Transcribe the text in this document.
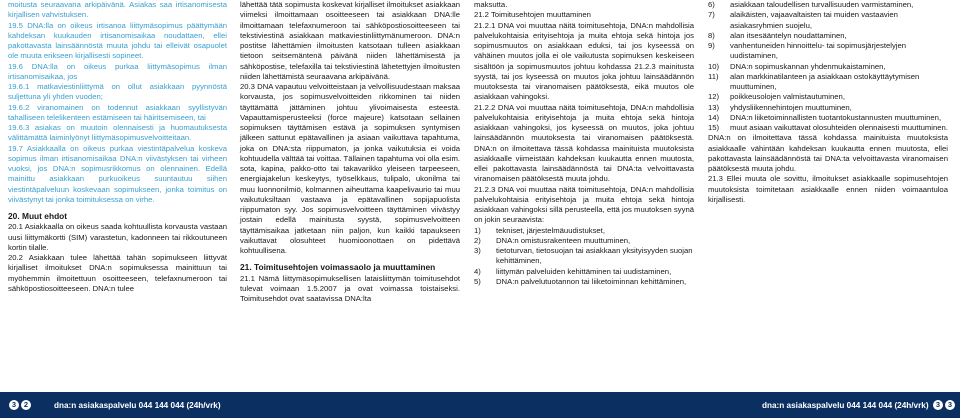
moitusta seuraavana arkipäivänä. Asiakas saa irtisanomisesta kirjallisen vahvistuksen.

19.5 DNA:lla on oikeus irtisanoa liittymäsopimus päättymään kahdeksan kuukauden irtisanomisaikaa noudattaen, ellei pakottavasta lainsäännöstä muuta johdu tai elleivät osapuolet ole muuta erikseen kirjallisesti sopineet.

19.6 DNA:lla on oikeus purkaa liittymäsopimus ilman irtisanomisaikaa, jos

19.6.1 matkaviestinliittymä on ollut asiakkaan pyynnöstä suljettuna yli yhden vuoden;

19.6.2 viranomainen on todennut asiakkaan syyllistyvän tahalliseen telelikenteen estämiseen tai häiritsemiseen, tai

19.6.3 asiakas on muutoin olennaisesti ja huomautuksesta välittämättä laiminlyönyt liittymäsopimusvelvoitteitaan.

19.7 Asiakkaalla on oikeus purkaa viestintäpalvelua koskeva sopimus ilman irtisanomisaikaa DNA:n viivästyksen tai virheen vuoksi, jos DNA:n sopimusrikkomus on olennainen. Edellä mainittu asiakkaan purkuoikeus suuntautuu siihen viestintäpalveluun koskevaan sopimukseen, jonka toimitus on viivästynyt tai jonka toimituksessa on virhe.

20. Muut ehdot

20.1 Asiakkaalla on oikeus saada kohtuullista korvausta vastaan uusi liittymäkortti (SIM) varastetun, kadonneen tai rikkoutuneen kortin tilalle.

20.2 Asiakkaan tulee lähettää tahän sopimukseen liittyvät kirjalliset ilmoitukset DNA:n sopimuksessa mainittuun tai myöhemmin ilmoitettuun osoitteeseen, telefaxnumeroon tai sähköpostiosoitteeseen. DNA:n tulee

lähettää tätä sopimusta koskevat kirjalliset ilmoitukset asiakkaan viimeksi ilmoittamaan osoitteeseen tai asiakkaan DNA:lle ilmoittamaan telefaxnumeroon tai sähköpostiosoitteeseen tai tekstiviestinä asiakkaan matkaviestinliittymänumeroon. DNA:n postitse lähettämien ilmoitusten katsotaan tulleen asiakkaan tietoon seitsemäntenä päivänä niiden lähettämisestä ja sähköpostise, telefaxilla tai tekstiviestinä lähetettyjen ilmoitusten niiden lähettämistä seuraavana arkipäivänä.

20.3 DNA vapautuu velvoitteistaan ja velvollisuudestaan maksaa korvausta, jos sopimusvelvoitteiden rikkominen tai niiden täyttämättä jättäminen johtuu ylivoimaisesta esteestä. Vapauttamisperusteeksi (force majeure) katsotaan sellainen sopimuksen täyttämisen estävä ja sopimuksen syntymisen jälkeen sattunut epätavallinen ja asiaan vaikuttava tapahtuma, joka on DNA:sta riippumaton, ja jonka vaikutuksia ei voida kohtuudella välttää tai voittaa. Tällainen tapahtuma voi olla esim. sota, kapina, pakko-otto tai takavarikko yleiseen tarpeeseen, energiajakelun keskeytys, työselkkaus, tulipalo, ukonilma tai muu luonnonilmiö, kolmannen aiheuttama kaapelivaurio tai muu vaikutuksiltaan vastaava ja epätavallinen sopijapuolista riippumaton syy. Jos sopimusvelvoitteen täyttäminen viivästyy jostain edellä mainitusta syystä, sopimusvelvoitteen täyttämisaikaa jatketaan niin paljon, kun kaikki tapaukseen vaikuttavat olosuhteet huomioonottaen on pidettävä kohtuullisena.

21. Toimitusehtojen voimassaolo ja muuttaminen

21.1 Nämä liittymäsopimuksellisen lataisliittymän toimitusehdot tulevat voimaan 1.5.2007 ja ovat voimassa toistaiseksi. Toimitusehdot ovat saatavissa DNA:lta

maksutta.

21.2 Toimitusehtojen muuttaminen

21.2.1 DNA voi muuttaa näitä toimitusehtoja, DNA:n mahdollisia palvelukohtaisia erityisehtoja ja muita ehtoja sekä hintoja jos sopimusmuutos on asiakkaan eduksi, tai jos kyseessä on vähäinen muutos jolla ei ole vaikutusta sopimuksen keskeiseen sisältöön ja sopimusmuutos johtuu kohdassa 21.2.3 mainitusta syystä, tai jos kyseessä on muutos joka johtuu lainsäädännön muutoksesta tai viranomaisen päätöksestä, eikä muutos ole asiakkaan vahingoksi.

21.2.2 DNA voi muuttaa näitä toimitusehtoja, DNA:n mahdollisia palvelukohtaisia erityisehtoja ja muita ehtoja sekä hintoja asiakkaan vahingoksi, jos kyseessä on muutos, joka johtuu lainsäädännön muutoksesta tai viranomaisen päätöksestä. DNA:n on ilmoitettava tässä kohdassa mainituista muutoksista asiakkaalle viimeistään kahdeksan kuukautta ennen muutosta, ellei pakottavasta lainsäädännöstä tai DNA:ta velvoittavasta viranomaisen päätöksestä muuta johdu.

21.2.3 DNA voi muuttaa näitä toimitusehtoja, DNA:n mahdollisia palvelukohtaisia erityisehtoja ja muita ehtoja sekä hintoja asiakkaan vahingoksi sillä perusteella, että jos muutoksen syynä on jokin seuraavista:

1)	tekniset, järjestelmäuudistukset,
2)	DNA:n omistusrakenteen muuttuminen,
3)	tietoturvan, tietosuojan tai asiakkaan yksityisyyden suojan kehittäminen,
4)	liittymän palveluiden kehittäminen tai uudistaminen,
5)	DNA:n palvelutuotannon tai liiketoiminnan kehittäminen,
6)	asiakkaan taloudellisen turvallisuuden varmistaminen,
7)	alaikäisten, vajaavaltaisten tai muiden vastaavien asiakasryhmien suojelu,
8)	alan itsesääntelyn noudattaminen,
9)	vanhentuneiden hinnoittelu- tai sopimusjärjestelyjen uudistaminen,
10)	DNA:n sopimuskannan yhdenmukaistaminen,
11)	alan markkinatilanteen ja asiakkaan ostokäyttäytymisen muuttuminen,
12)	poikkeusolojen valmistautuminen,
13)	yhdysliikennehintojen muuttuminen,
14)	DNA:n liiketoiminnallisten tuotantokustannusten muuttuminen,
15)	muut asiaan vaikuttavat olosuhteiden olennaisesti muuttuminen.

DNA:n on ilmoitettava tässä kohdassa mainituista muutoksista asiakkaalle vähintään kahdeksan kuukautta ennen muutosta, ellei pakottavasta lainsäädännöstä tai DNA:ta velvoittavasta viranomaisen päätöksestä muuta johdu.

21.3 Ellei muuta ole sovittu, ilmoitukset asiakkaalle sopimusehtojen muutoksista toimitetaan asiakkaalle ennen niiden voimaantuloa kirjallisesti.

3	2	dna:n asiakaspalvelu 044 144 044 (24h/vrk)	dna:n asiakaspalvelu 044 144 044 (24h/vrk) 3	3
